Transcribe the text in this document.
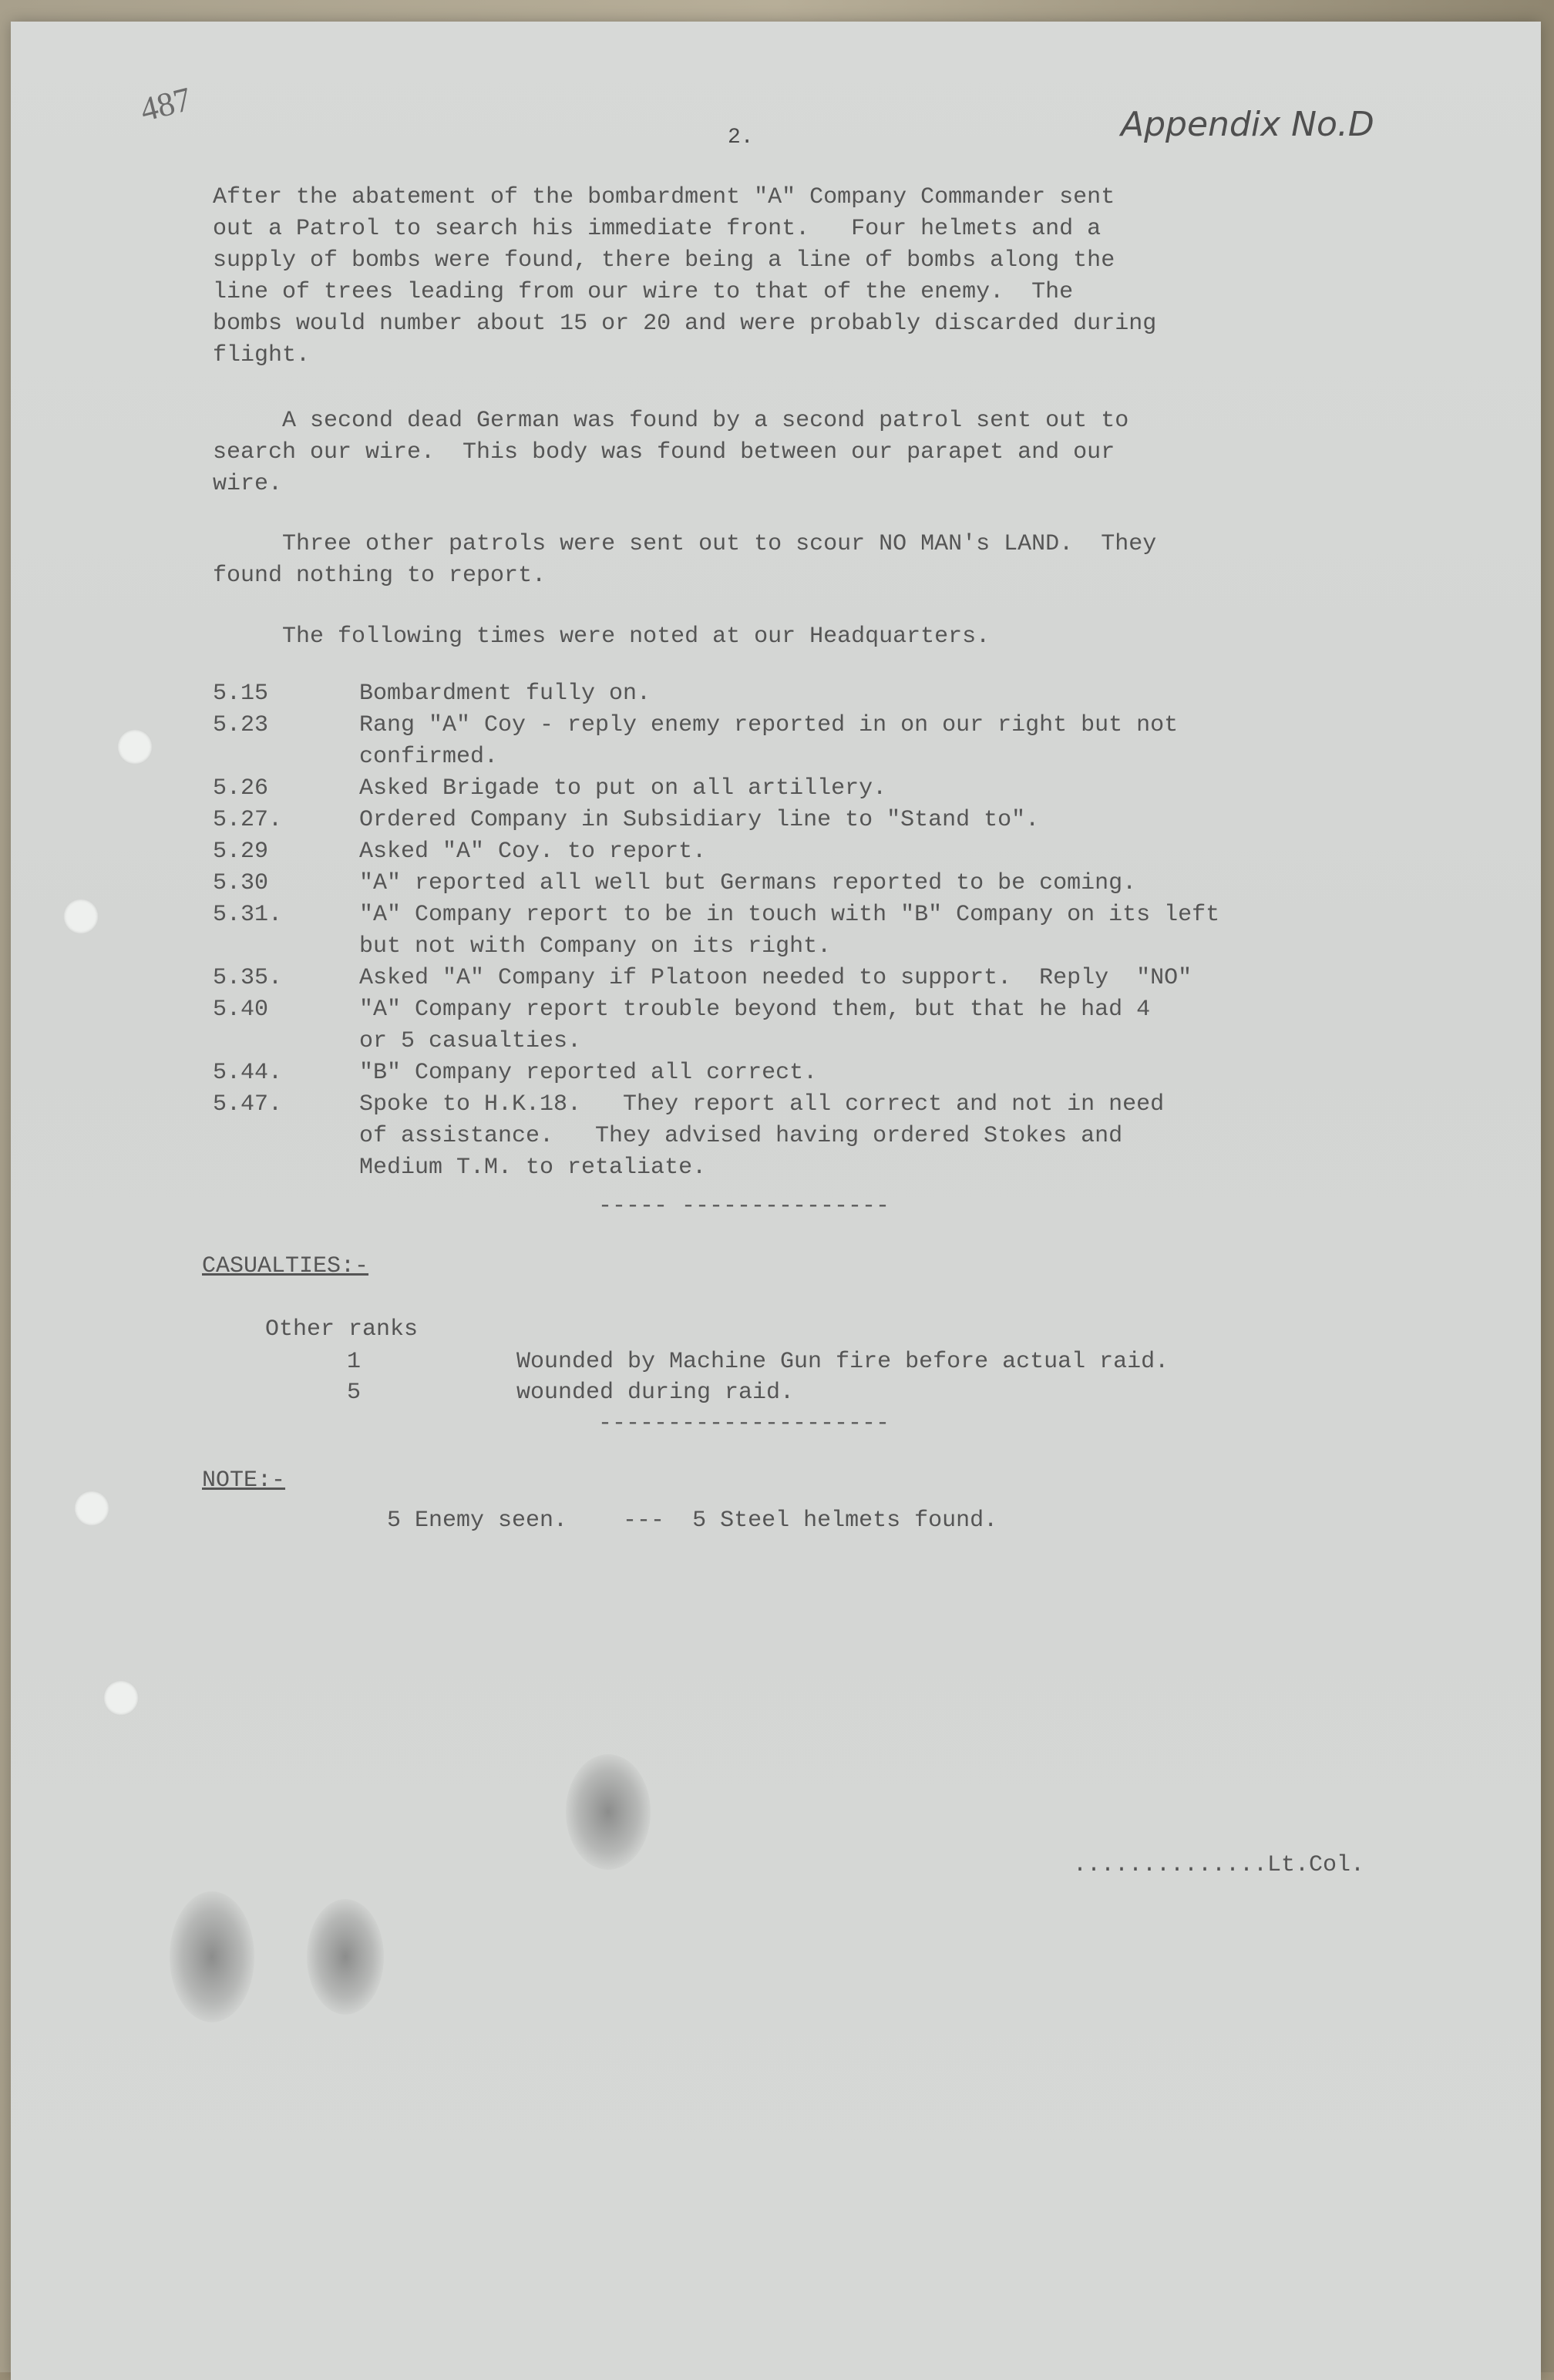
487
2.	Appendix No.D
After the abatement of the bombardment "A" Company Commander sent
out a Patrol to search his immediate front.   Four helmets and a
supply of bombs were found, there being a line of bombs along the
line of trees leading from our wire to that of the enemy.  The
bombs would number about 15 or 20 and were probably discarded during
flight.
A second dead German was found by a second patrol sent out to
search our wire.  This body was found between our parapet and our
wire.
Three other patrols were sent out to scour NO MAN's LAND.  They
found nothing to report.
The following times were noted at our Headquarters.
5.15	Bombardment fully on.
5.23	Rang "A" Coy - reply enemy reported in on our right but not
confirmed.
5.26	Asked Brigade to put on all artillery.
5.27.	Ordered Company in Subsidiary line to "Stand to".
5.29	Asked "A" Coy. to report.
5.30	"A" reported all well but Germans reported to be coming.
5.31.	"A" Company report to be in touch with "B" Company on its left
but not with Company on its right.
5.35.	Asked "A" Company if Platoon needed to support.  Reply  "NO"
5.40	"A" Company report trouble beyond them, but that he had 4
or 5 casualties.
5.44.	"B" Company reported all correct.
5.47.	Spoke to H.K.18.   They report all correct and not in need
of assistance.   They advised having ordered Stokes and
Medium T.M. to retaliate.
----- ---------------
CASUALTIES:-
Other ranks
1	Wounded by Machine Gun fire before actual raid.
5	wounded during raid.
---------------------
NOTE:-
5 Enemy seen.    ---  5 Steel helmets found.
..............Lt.Col.
